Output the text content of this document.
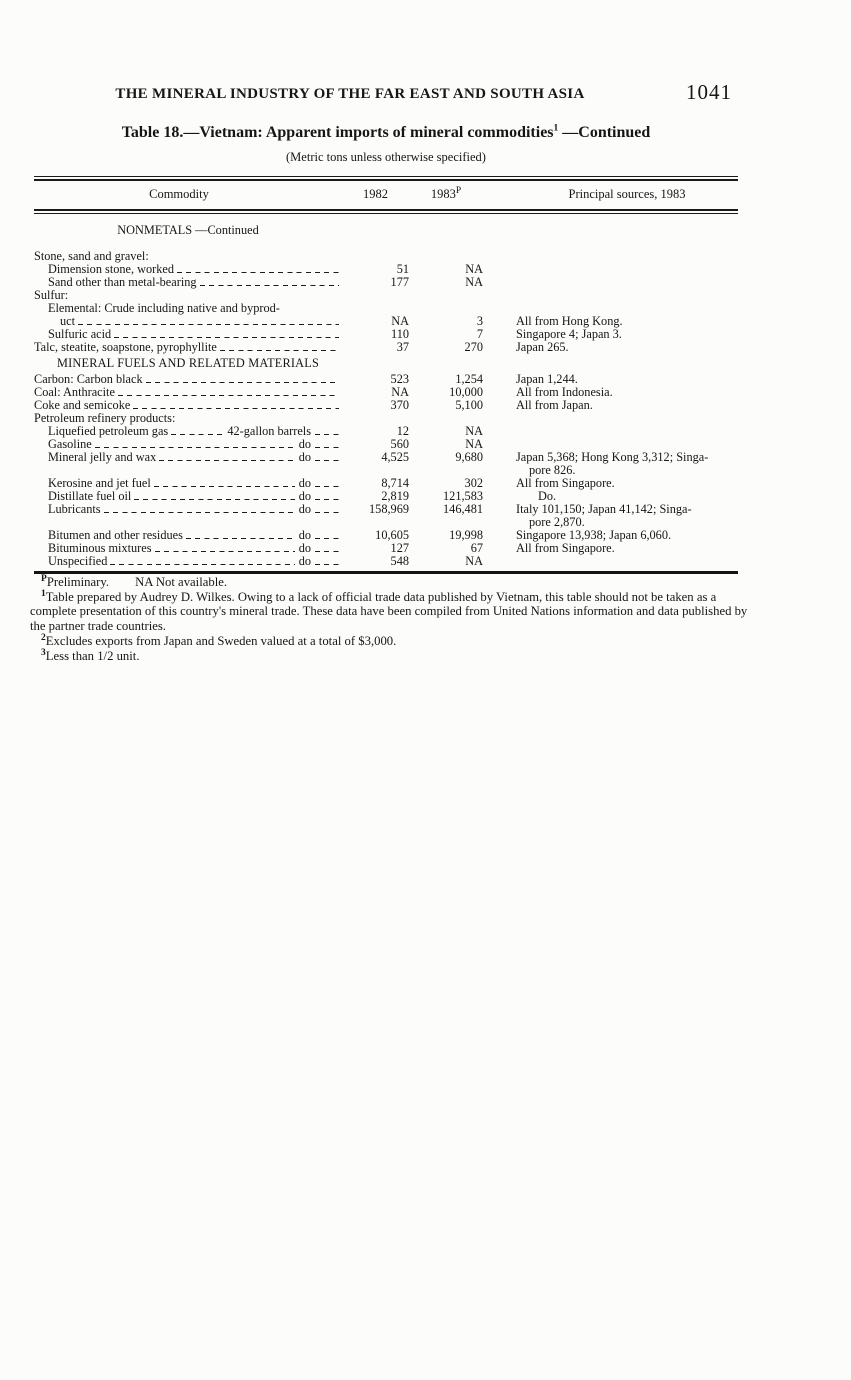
THE MINERAL INDUSTRY OF THE FAR EAST AND SOUTH ASIA	1041
Table 18.—Vietnam: Apparent imports of mineral commodities$^1$ —Continued
(Metric tons unless otherwise specified)
Commodity	1982	$1983^P$	Principal sources, 1983
NONMETALS —Continued
Stone, sand and gravel:
Dimension stone, worked	51	NA
Sand other than metal-bearing	177	NA
Sulfur:
Elemental: Crude including native and byprod-
uct	NA	3	All from Hong Kong.
Sulfuric acid	110	7	Singapore 4; Japan 3.
Talc, steatite, soapstone, pyrophyllite	37	270	Japan 265.
MINERAL FUELS AND RELATED MATERIALS
Carbon: Carbon black	523	1,254	Japan 1,244.
Coal: Anthracite	NA	10,000	All from Indonesia.
Coke and semicoke	370	5,100	All from Japan.
Petroleum refinery products:
Liquefied petroleum gas	42-gallon barrels	12	NA
Gasoline	do	560	NA
Mineral jelly and wax	do	4,525	9,680	Japan 5,368; Hong Kong 3,312; Singa-
pore 826.
Kerosine and jet fuel	do	8,714	302	All from Singapore.
Distillate fuel oil	do	2,819	121,583	Do.
Lubricants	do	158,969	146,481	Italy 101,150; Japan 41,142; Singa-
pore 2,870.
Bitumen and other residues	do	10,605	19,998	Singapore 13,938; Japan 6,060.
Bituminous mixtures	do	127	67	All from Singapore.
Unspecified	do	548	NA
$^P$Preliminary. NA Not available.
$^1$Table prepared by Audrey D. Wilkes. Owing to a lack of official trade data published by Vietnam, this table should not be taken as a complete presentation of this country's mineral trade. These data have been compiled from United Nations information and data published by the partner trade countries.
$^2$Excludes exports from Japan and Sweden valued at a total of $3,000.
$^3$Less than 1/2 unit.
